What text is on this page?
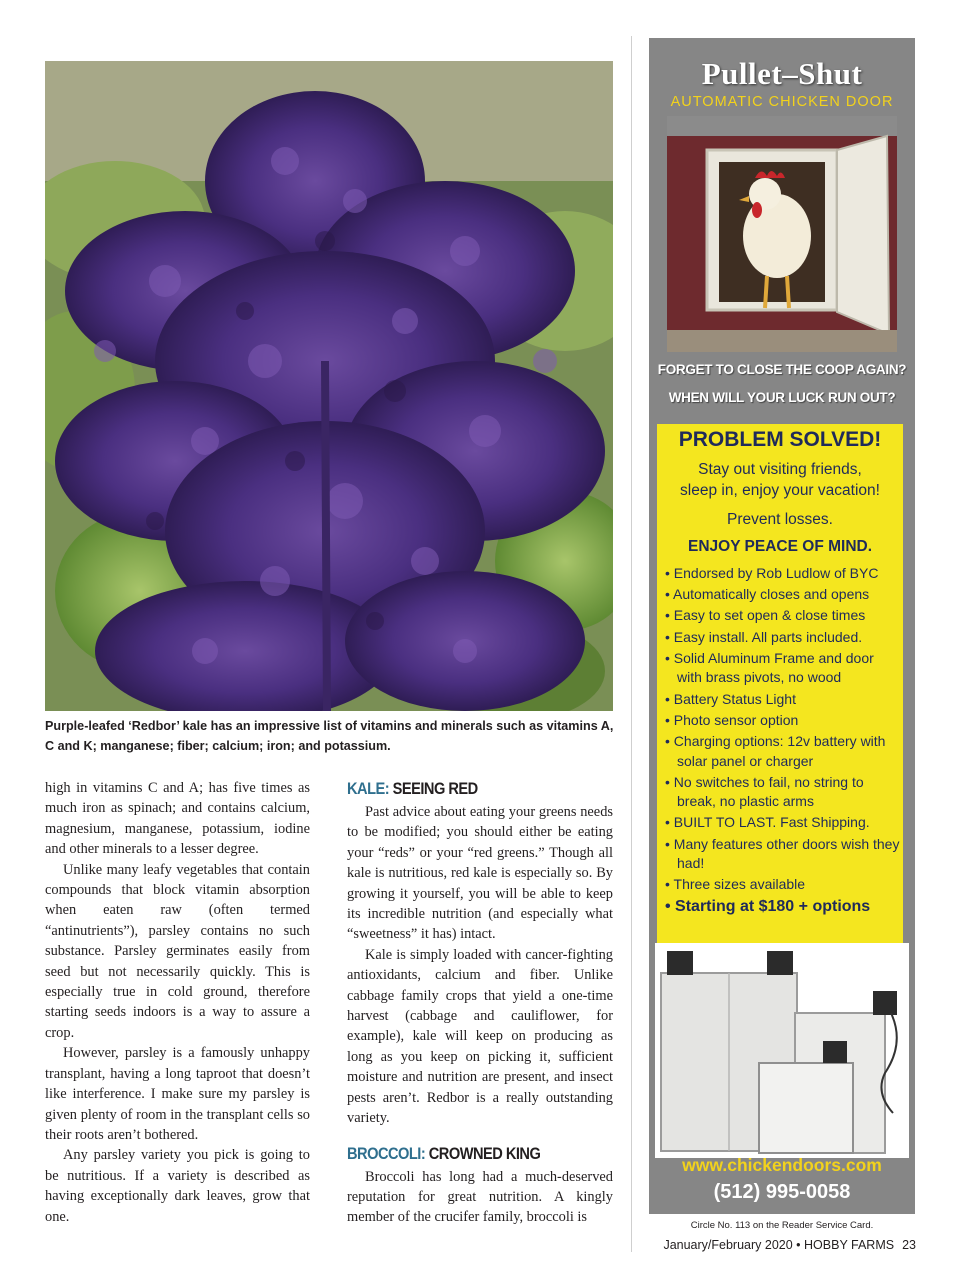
Purple-leafed ‘Redbor’ kale has an impressive list of vitamins and minerals such as vitamins A, C and K; manganese; fiber; calcium; iron; and potassium.

high in vitamins C and A; has five times as much iron as spinach; and contains calcium, magnesium, manganese, potassium, iodine and other minerals to a lesser degree.

Unlike many leafy vegetables that contain compounds that block vitamin absorption when eaten raw (often termed “antinutrients”), parsley contains no such substance. Parsley germinates easily from seed but not necessarily quickly. This is especially true in cold ground, therefore starting seeds indoors is a way to assure a crop.

However, parsley is a famously unhappy transplant, having a long taproot that doesn’t like interference. I make sure my parsley is given plenty of room in the transplant cells so their roots aren’t bothered.

Any parsley variety you pick is going to be nutritious. If a variety is described as having exceptionally dark leaves, grow that one.

KALE: SEEING RED

Past advice about eating your greens needs to be modified; you should either be eating your “reds” or your “red greens.” Though all kale is nutritious, red kale is especially so. By growing it yourself, you will be able to keep its incredible nutrition (and especially what “sweetness” it has) intact.

Kale is simply loaded with cancer-fighting antioxidants, calcium and fiber. Unlike cabbage family crops that yield a one-time harvest (cabbage and cauliflower, for example), kale will keep on producing as long as you keep on picking it, sufficient moisture and nutrition are present, and insect pests aren’t. Redbor is a really outstanding variety.

BROCCOLI: CROWNED KING

Broccoli has long had a much-deserved reputation for great nutrition. A kingly member of the crucifer family, broccoli is

Pullet–Shut
AUTOMATIC CHICKEN DOOR
FORGET TO CLOSE THE COOP AGAIN?
WHEN WILL YOUR LUCK RUN OUT?
PROBLEM SOLVED!
Stay out visiting friends,
sleep in, enjoy your vacation!
Prevent losses.
ENJOY PEACE OF MIND.
• Endorsed by Rob Ludlow of BYC
• Automatically closes and opens
• Easy to set open & close times
• Easy install. All parts included.
• Solid Aluminum Frame and door with brass pivots, no wood
• Battery Status Light
• Photo sensor option
• Charging options: 12v battery with solar panel or charger
• No switches to fail, no string to break, no plastic arms
• BUILT TO LAST. Fast Shipping.
• Many features other doors wish they had!
• Three sizes available
• Starting at $180 + options
www.chickendoors.com
(512) 995-0058
Circle No. 113 on the Reader Service Card.
January/February 2020 • HOBBY FARMS 23
